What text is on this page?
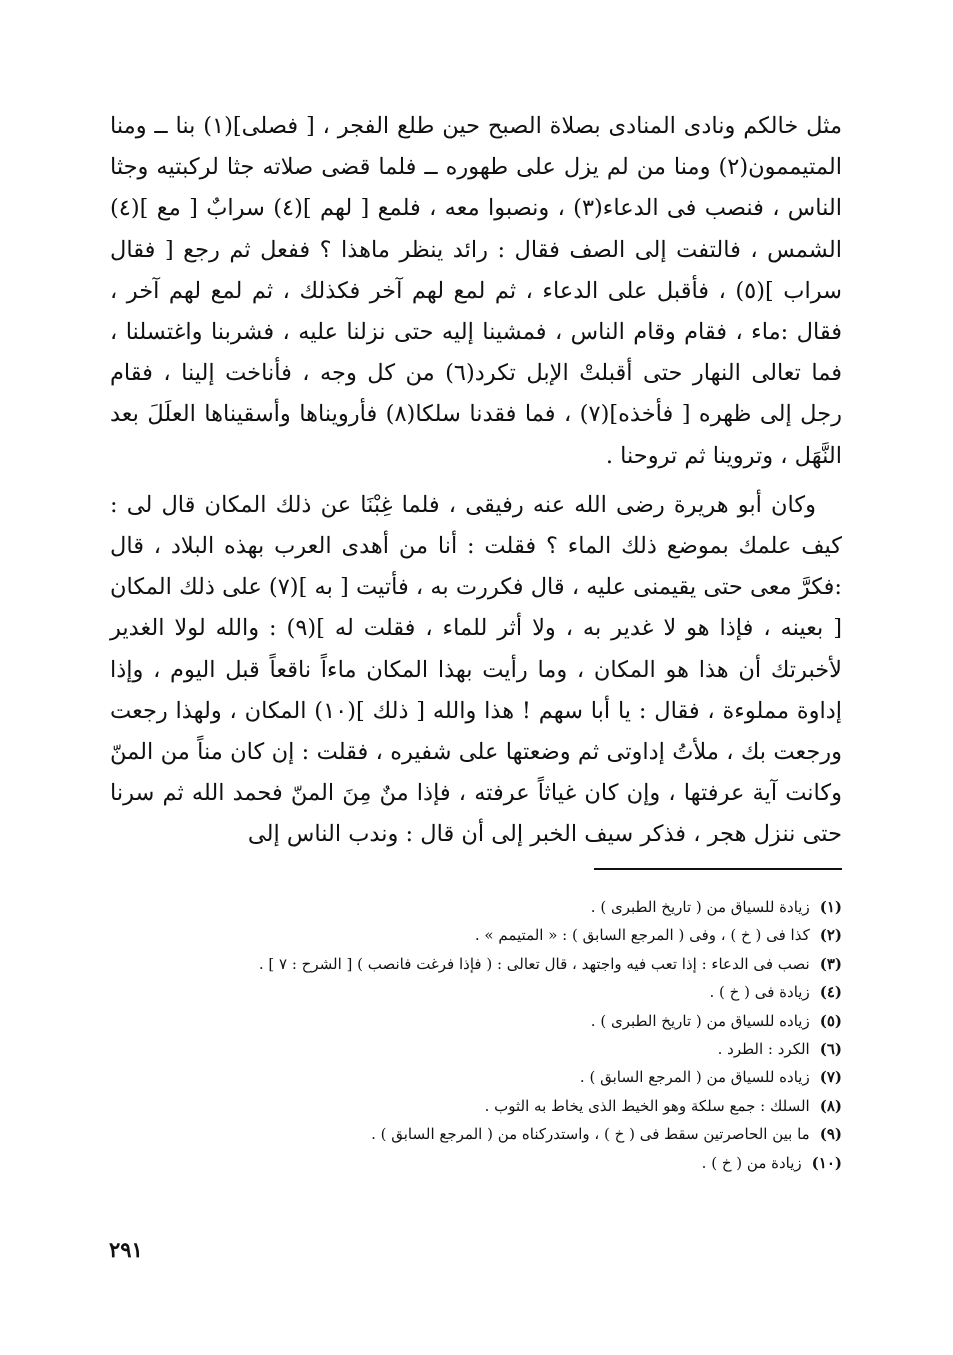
مثل خالكم ونادى المنادى بصلاة الصبح حين طلع الفجر ، [ فصلى](١) بنا ــ ومنا المتيممون(٢) ومنا من لم يزل على طهوره ــ فلما قضى صلاته جثا لركبتيه وجثا الناس ، فنصب فى الدعاء(٣) ، ونصبوا معه ، فلمع [ لهم ](٤) سرابٌ [ مع ](٤) الشمس ، فالتفت إلى الصف فقال : رائد ينظر ماهذا ؟ ففعل ثم رجع [ فقال سراب ](٥) ، فأقبل على الدعاء ، ثم لمع لهم آخر فكذلك ، ثم لمع لهم آخر ، فقال :ماء ، فقام وقام الناس ، فمشينا إليه حتى نزلنا عليه ، فشربنا واغتسلنا ، فما تعالى النهار حتى أقبلتْ الإبل تكرد(٦) من كل وجه ، فأناخت إلينا ، فقام رجل إلى ظهره [ فأخذه](٧) ، فما فقدنا سلكا(٨) فأرويناها وأسقيناها العلَلَ بعد النَّهَل ، وتروينا ثم تروحنا .

وكان أبو هريرة رضى الله عنه رفيقى ، فلما غِبْنَا عن ذلك المكان قال لى : كيف علمك بموضع ذلك الماء ؟ فقلت : أنا من أهدى العرب بهذه البلاد ، قال :فكرَّ معى حتى يقيمنى عليه ، قال فكررت به ، فأتيت [ به ](٧) على ذلك المكان [ بعينه ، فإذا هو لا غدير به ، ولا أثر للماء ، فقلت له ](٩) : والله لولا الغدير لأخبرتك أن هذا هو المكان ، وما رأيت بهذا المكان ماءاً ناقعاً قبل اليوم ، وإذا إداوة مملوءة ، فقال : يا أبا سهم ! هذا والله [ ذلك ](١٠) المكان ، ولهذا رجعت ورجعت بك ، ملأتُ إداوتى ثم وضعتها على شفيره ، فقلت : إن كان مناً من المنّ وكانت آية عرفتها ، وإن كان غياثاً عرفته ، فإذا منٌ مِنَ المنّ فحمد الله ثم سرنا حتى ننزل هجر ، فذكر سيف الخبر إلى أن قال : وندب الناس إلى

(١)زيادة للسياق من ( تاريخ الطبرى ) .
(٢)كذا فى ( خ ) ، وفى ( المرجع السابق ) : « المتيمم » .
(٣)نصب فى الدعاء : إذا تعب فيه واجتهد ، قال تعالى : ( فإذا فرغت فانصب ) [ الشرح : ٧ ] .
(٤)زيادة فى ( خ ) .
(٥)زياده للسياق من ( تاريخ الطبرى ) .
(٦)الكرد : الطرد .
(٧)زياده للسياق من ( المرجع السابق ) .
(٨)السلك : جمع سلكة وهو الخيط الذى يخاط به الثوب .
(٩)ما بين الحاصرتين سقط فى ( خ ) ، واستدركناه من ( المرجع السابق ) .
(١٠)زيادة من ( خ ) .
٢٩١
